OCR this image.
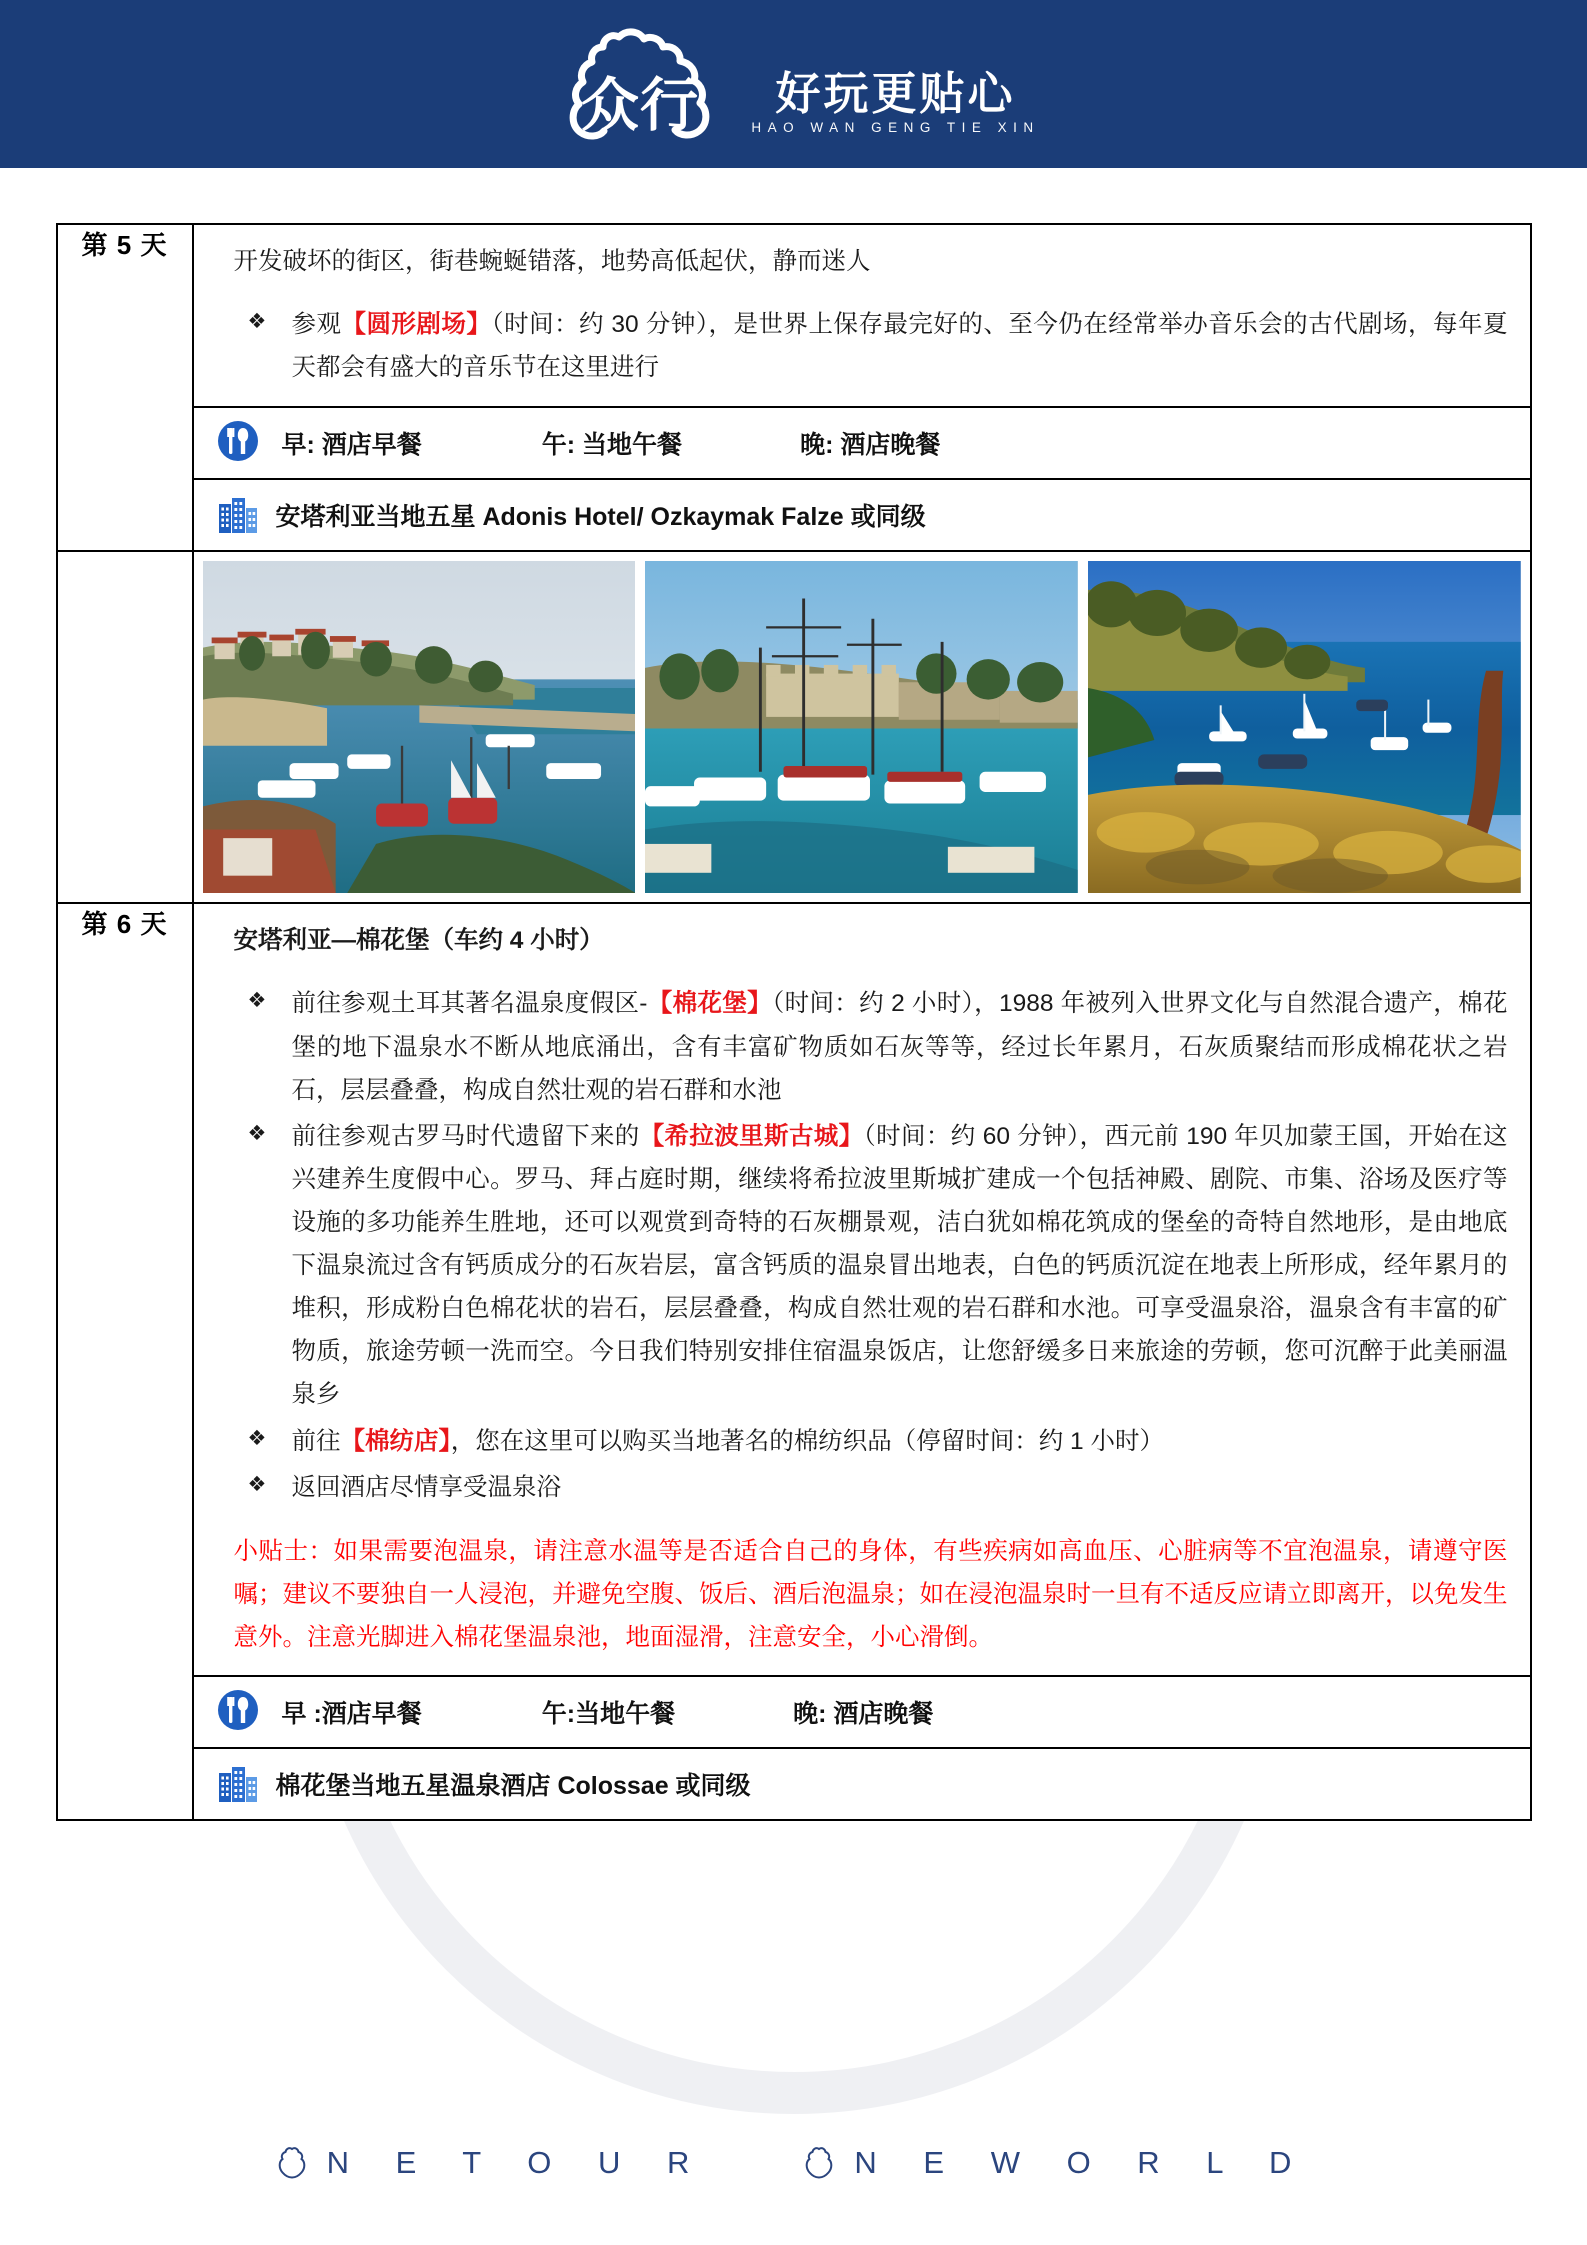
众行 好玩更贴心
HAO WAN GENG TIE XIN
第 5 天	

开发破坏的街区，街巷蜿蜒错落，地势高低起伏，静而迷人

❖ 参观【圆形剧场】（时间：约 30 分钟），是世界上保存最完好的、至今仍在经常举办音乐会的古代剧场，每年夏天都会有盛大的音乐节在这里进行
早: 酒店早餐	午: 当地午餐	晚: 酒店晚餐
安塔利亚当地五星 Adonis Hotel/ Ozkaymak Falze 或同级

第 6 天	

安塔利亚—棉花堡（车约 4 小时）

❖ 前往参观土耳其著名温泉度假区-【棉花堡】（时间：约 2 小时），1988 年被列入世界文化与自然混合遗产，棉花堡的地下温泉水不断从地底涌出，含有丰富矿物质如石灰等等，经过长年累月，石灰质聚结而形成棉花状之岩石，层层叠叠，构成自然壮观的岩石群和水池
❖ 前往参观古罗马时代遗留下来的【希拉波里斯古城】（时间：约 60 分钟），西元前 190 年贝加蒙王国，开始在这兴建养生度假中心。罗马、拜占庭时期，继续将希拉波里斯城扩建成一个包括神殿、剧院、市集、浴场及医疗等设施的多功能养生胜地，还可以观赏到奇特的石灰棚景观，洁白犹如棉花筑成的堡垒的奇特自然地形，是由地底下温泉流过含有钙质成分的石灰岩层，富含钙质的温泉冒出地表，白色的钙质沉淀在地表上所形成，经年累月的堆积，形成粉白色棉花状的岩石，层层叠叠，构成自然壮观的岩石群和水池。可享受温泉浴，温泉含有丰富的矿物质，旅途劳顿一洗而空。今日我们特别安排住宿温泉饭店，让您舒缓多日来旅途的劳顿，您可沉醉于此美丽温泉乡
❖ 前往【棉纺店】，您在这里可以购买当地著名的棉纺织品（停留时间：约 1 小时）
❖ 返回酒店尽情享受温泉浴
小贴士：如果需要泡温泉，请注意水温等是否适合自己的身体，有些疾病如高血压、心脏病等不宜泡温泉，请遵守医嘱；建议不要独自一人浸泡，并避免空腹、饭后、酒后泡温泉；如在浸泡温泉时一旦有不适反应请立即离开，以免发生意外。注意光脚进入棉花堡温泉池，地面湿滑，注意安全，小心滑倒。
早 :酒店早餐	午:当地午餐	晚: 酒店晚餐
棉花堡当地五星温泉酒店 Colossae 或同级
N E T O U R	N E W O R L D
